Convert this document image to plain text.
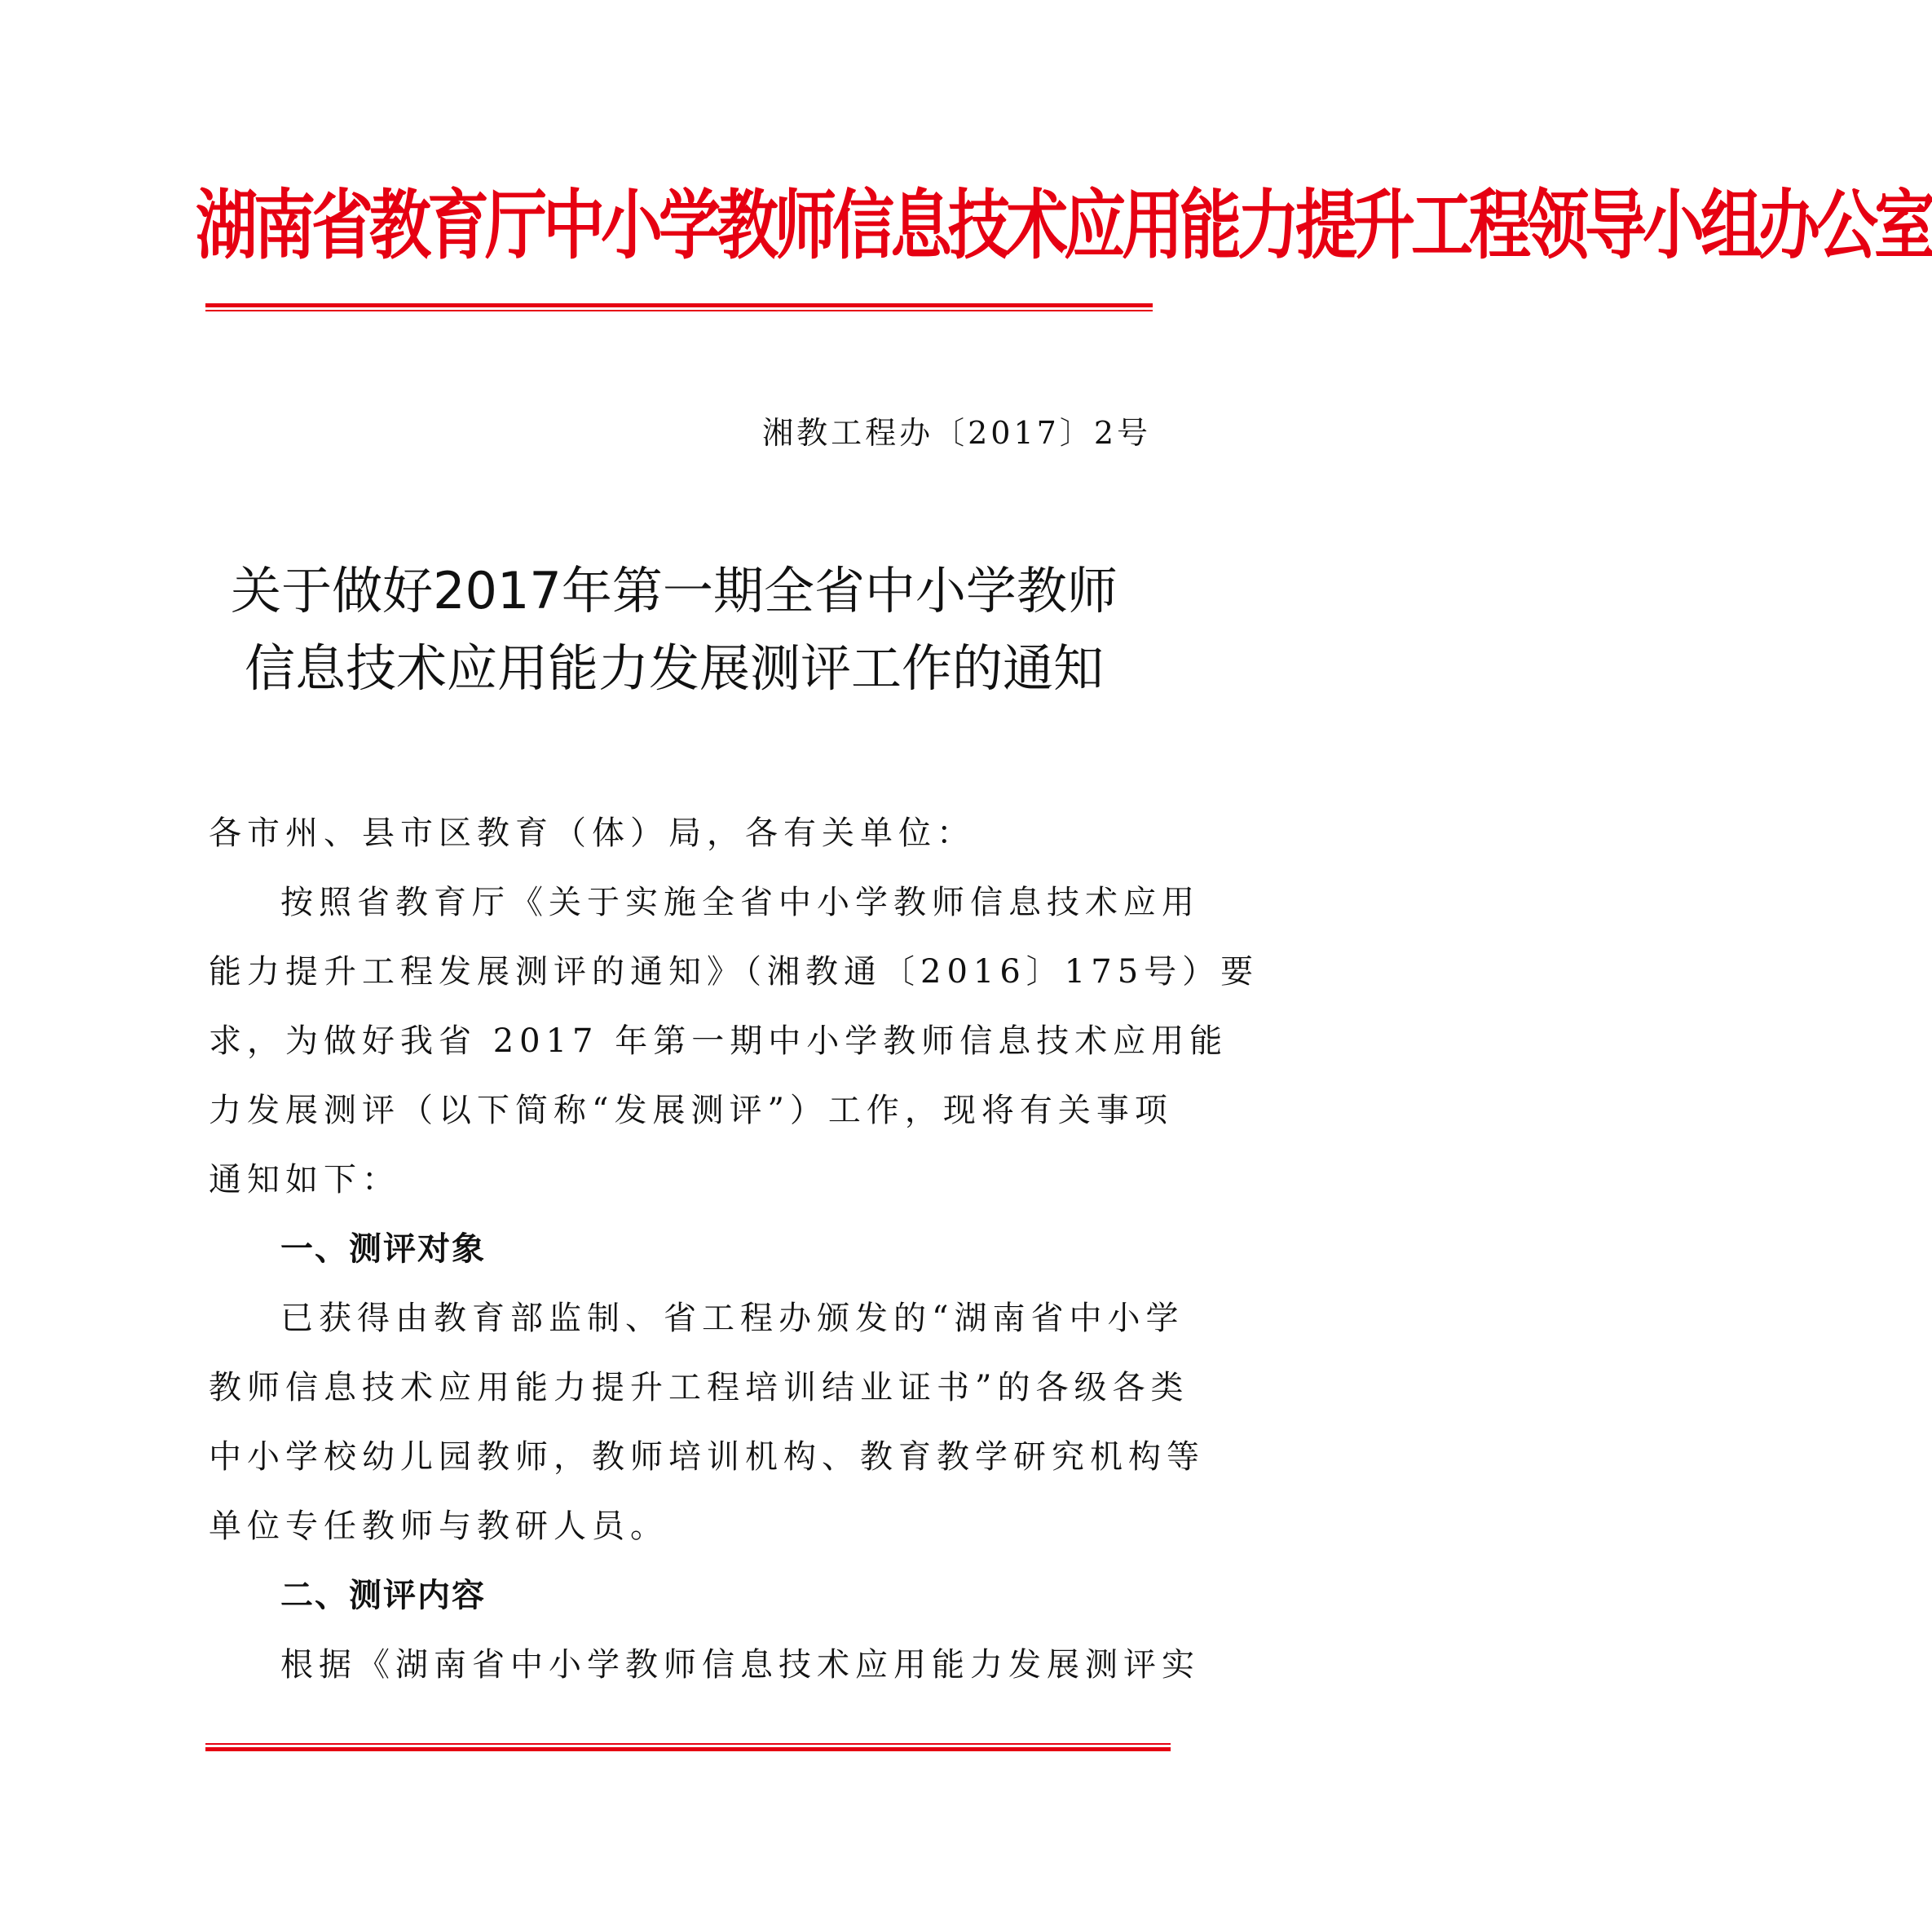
湖南省教育厅中小学教师信息技术应用能力提升工程领导小组办公室
湘教工程办〔2017〕2号
关于做好2017年第一期全省中小学教师
信息技术应用能力发展测评工作的通知
各市州、县市区教育（体）局，各有关单位：
按照省教育厅《关于实施全省中小学教师信息技术应用
能力提升工程发展测评的通知》（湘教通〔2016〕175号）要
求，为做好我省 2017 年第一期中小学教师信息技术应用能
力发展测评（以下简称“发展测评”）工作，现将有关事项
通知如下：
一、测评对象
已获得由教育部监制、省工程办颁发的“湖南省中小学
教师信息技术应用能力提升工程培训结业证书”的各级各类
中小学校幼儿园教师，教师培训机构、教育教学研究机构等
单位专任教师与教研人员。
二、测评内容
根据《湖南省中小学教师信息技术应用能力发展测评实
